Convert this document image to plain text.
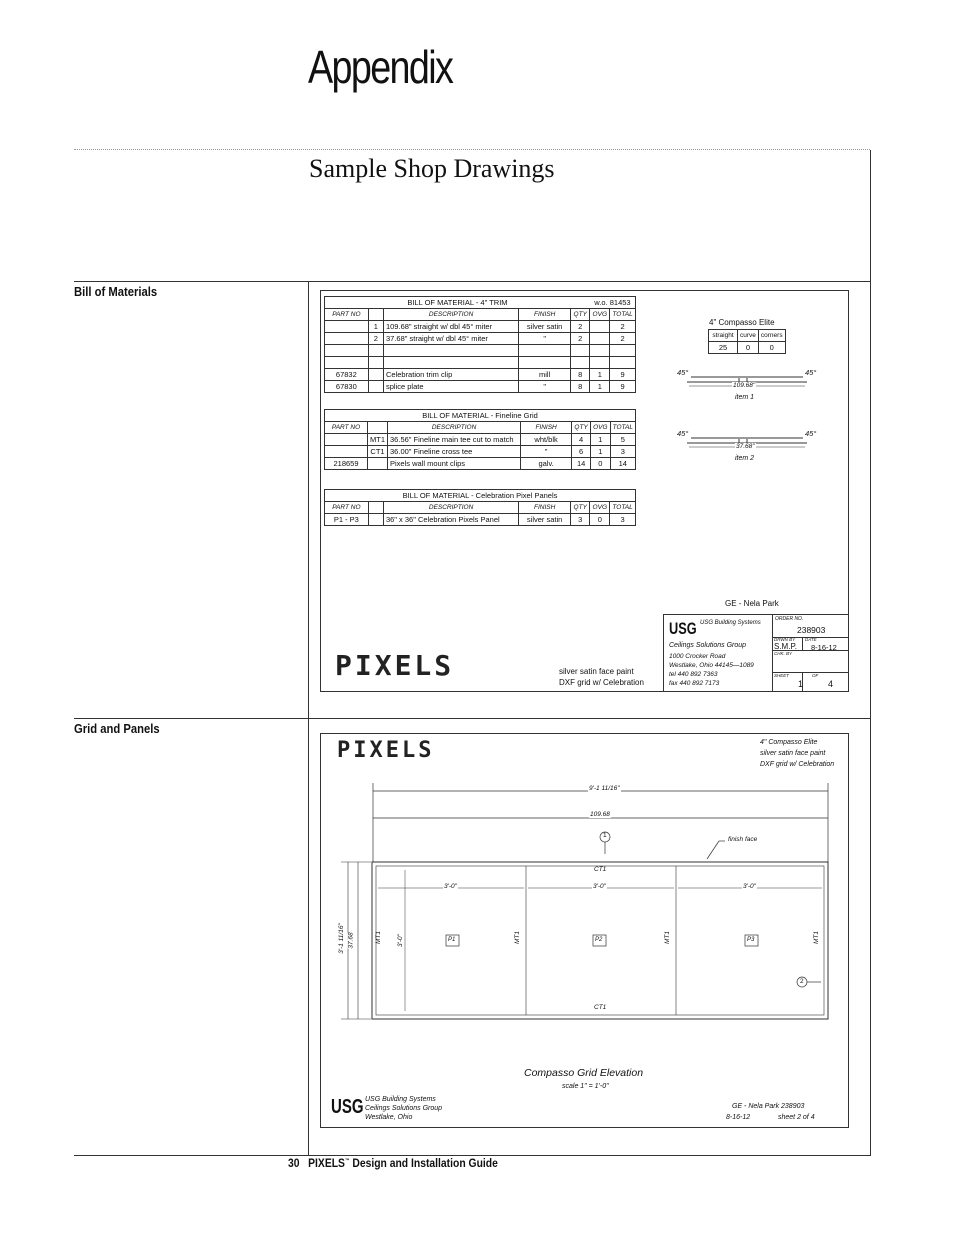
Appendix
Sample Shop Drawings
Bill of Materials
Grid and Panels
BILL OF MATERIAL - 4" TRIM					w.o. 81453	
PART NO		DESCRIPTION	FINISH	QTY	OVG	TOTAL
	1	109.68" straight w/ dbl 45° miter	silver satin	2		2
	2	37.68" straight w/ dbl 45° miter	"	2		2

67832		Celebration trim clip	mill	8	1	9
67830		splice plate	"	8	1	9
BILL OF MATERIAL - Fineline Grid						
PART NO		DESCRIPTION	FINISH	QTY	OVG	TOTAL
	MT1	36.56" Fineline main tee cut to match	wht/blk	4	1	5
	CT1	36.00" Fineline cross tee	"	6	1	3
218659		Pixels wall mount clips	galv.	14	0	14
BILL OF MATERIAL - Celebration Pixel Panels						
PART NO		DESCRIPTION	FINISH	QTY	OVG	TOTAL
P1 - P3		36" x 36" Celebration Pixels Panel	silver satin	3	0	3
4" Compasso Elite
straight	curve	corners
25	0	0
45°	45°
109.68"
item 1
45°	45°
37.68"
item 2
GE - Nela Park
PIXELS	silver satin face paint
DXF grid w/ Celebration
USG USG Building Systems
Ceilings Solutions Group
1000 Crocker Road
Westlake, Ohio 44145—1089
tel 440 892 7363
fax 440 892 7173
ORDER NO.
238903
DRWN BY
S.M.P.
DATE
8-16-12
CHK. BY
SHEET	OF
1	4
PIXELS	4" Compasso Elite
silver satin face paint
DXF grid w/ Celebration
9'-1 11/16"
109.68
1
finish face
CT1
CT1
3'-0"	3'-0"	3'-0"
MT1	MT1	MT1	MT1
3'-0"	P1	P2	P3
2
3'-1 11/16" 37.68
Compasso Grid Elevation
scale 1" = 1'-0"
USG USG Building Systems
Ceilings Solutions Group
Westlake, Ohio
GE - Nela Park 238903
8-16-12	sheet 2 of 4
30 PIXELS™ Design and Installation Guide
